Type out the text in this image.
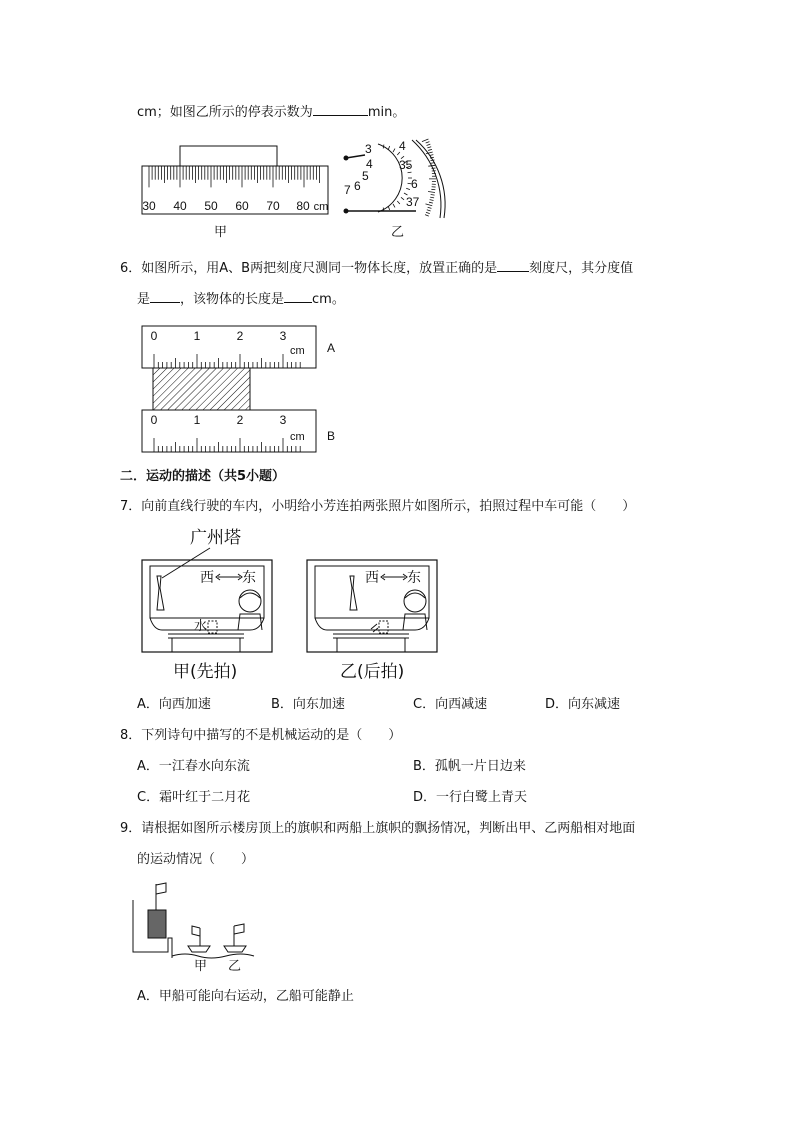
cm；如图乙所示的停表示数为	min。
30 40 50 60 70 80 cm
甲
3
4
5
6
7
4
35
6
37
乙
6．如图所示，用A、B两把刻度尺测同一物体长度，放置正确的是 刻度尺，其分度值
是 ，该物体的长度是 cm。
0	1	2	3
cm A
0	1	2	3
cm B
二．运动的描述（共5小题）
7．向前直线行驶的车内，小明给小芳连拍两张照片如图所示，拍照过程中车可能（　　）
广州塔
西 东
水
甲(先拍)
西 东
乙(后拍)
A．向西加速	B．向东加速	C．向西减速	D．向东减速
8．下列诗句中描写的不是机械运动的是（　　）
A．一江春水向东流	B．孤帆一片日边来
C．霜叶红于二月花	D．一行白鹭上青天
9．请根据如图所示楼房顶上的旗帜和两船上旗帜的飘扬情况，判断出甲、乙两船相对地面
的运动情况（　　）
甲 乙
A．甲船可能向右运动，乙船可能静止
